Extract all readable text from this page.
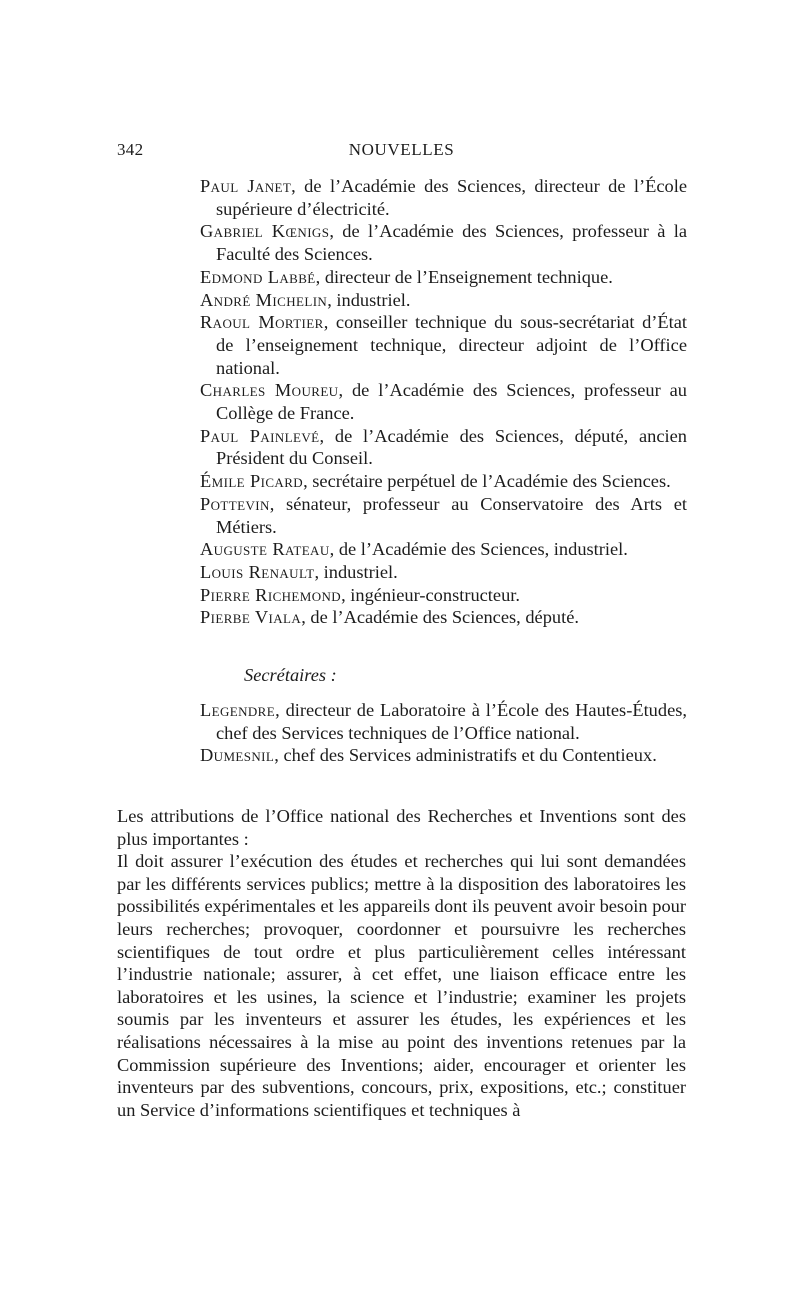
342	NOUVELLES

Paul Janet, de l’Académie des Sciences, directeur de l’École supérieure d’électricité.

Gabriel Kœnigs, de l’Académie des Sciences, professeur à la Faculté des Sciences.

Edmond Labbé, directeur de l’Enseignement technique.

André Michelin, industriel.

Raoul Mortier, conseiller technique du sous-secrétariat d’État de l’enseignement technique, directeur adjoint de l’Office national.

Charles Moureu, de l’Académie des Sciences, professeur au Collège de France.

Paul Painlevé, de l’Académie des Sciences, député, ancien Président du Conseil.

Émile Picard, secrétaire perpétuel de l’Académie des Sciences.

Pottevin, sénateur, professeur au Conservatoire des Arts et Métiers.

Auguste Rateau, de l’Académie des Sciences, industriel.

Louis Renault, industriel.

Pierre Richemond, ingénieur-constructeur.

Pierbe Viala, de l’Académie des Sciences, député.

Secrétaires :

Legendre, directeur de Laboratoire à l’École des Hautes-Études, chef des Services techniques de l’Office national.

Dumesnil, chef des Services administratifs et du Contentieux.

Les attributions de l’Office national des Recherches et Inventions sont des plus importantes :

Il doit assurer l’exécution des études et recherches qui lui sont demandées par les différents services publics; mettre à la disposition des laboratoires les possibilités expérimentales et les appareils dont ils peuvent avoir besoin pour leurs recherches; provoquer, coordonner et poursuivre les recherches scientifiques de tout ordre et plus particulièrement celles intéressant l’industrie nationale; assurer, à cet effet, une liaison efficace entre les laboratoires et les usines, la science et l’industrie; examiner les projets soumis par les inventeurs et assurer les études, les expériences et les réalisations nécessaires à la mise au point des inventions retenues par la Commission supérieure des Inventions; aider, encourager et orienter les inventeurs par des subventions, concours, prix, expositions, etc.; constituer un Service d’informations scientifiques et techniques à
